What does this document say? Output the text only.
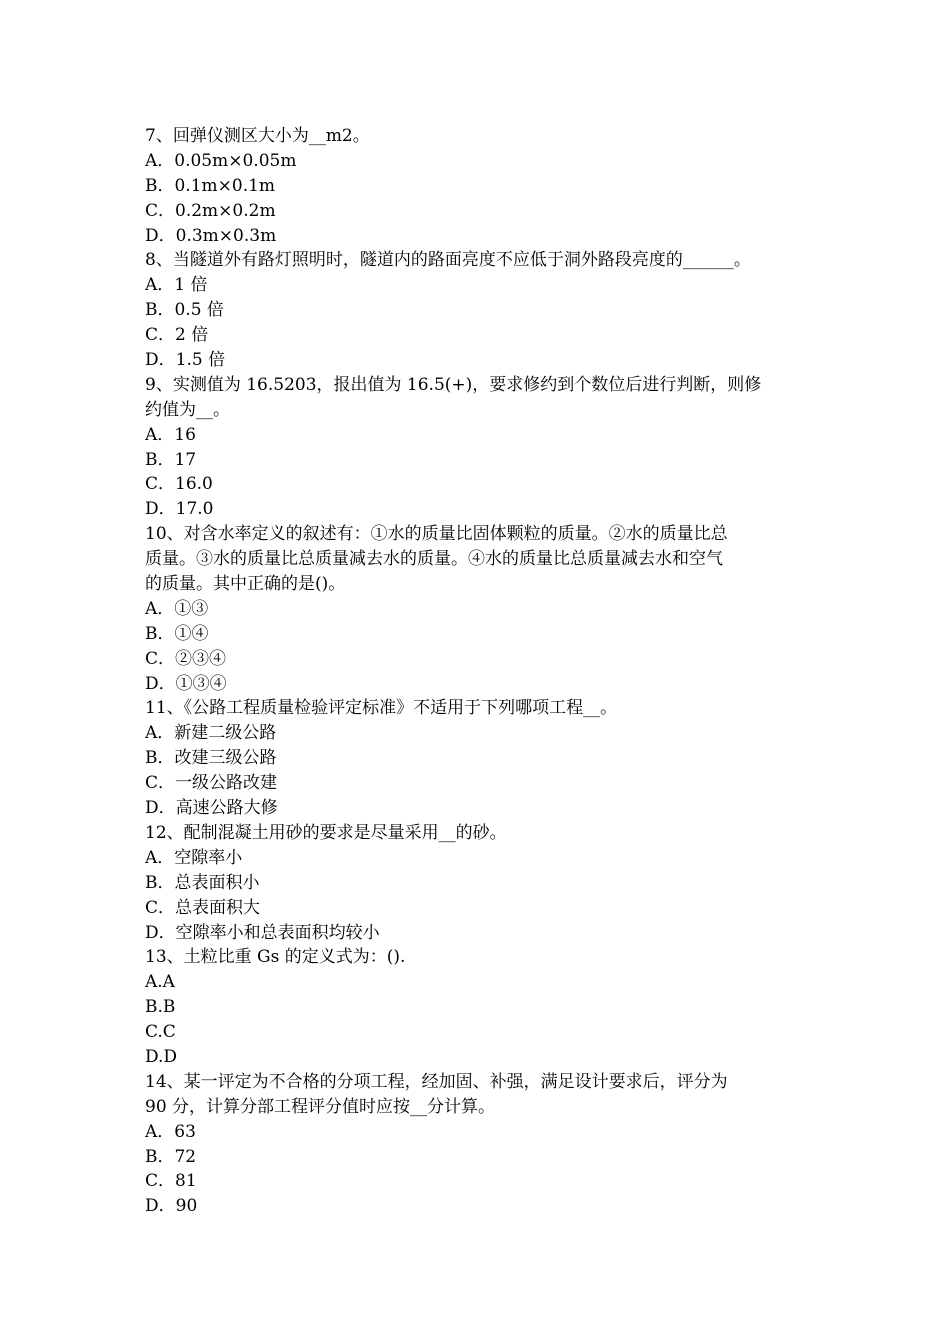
7、回弹仪测区大小为__m2。
A．0.05m×0.05m
B．0.1m×0.1m
C．0.2m×0.2m
D．0.3m×0.3m
8、当隧道外有路灯照明时，隧道内的路面亮度不应低于洞外路段亮度的______。
A．1 倍
B．0.5 倍
C．2 倍
D．1.5 倍
9、实测值为 16.5203，报出值为 16.5(+)，要求修约到个数位后进行判断，则修
约值为__。
A．16
B．17
C．16.0
D．17.0
10、对含水率定义的叙述有：①水的质量比固体颗粒的质量。②水的质量比总
质量。③水的质量比总质量减去水的质量。④水的质量比总质量减去水和空气
的质量。其中正确的是()。
A．①③
B．①④
C．②③④
D．①③④
11、《公路工程质量检验评定标准》不适用于下列哪项工程__。
A．新建二级公路
B．改建三级公路
C．一级公路改建
D．高速公路大修
12、配制混凝土用砂的要求是尽量采用__的砂。
A．空隙率小
B．总表面积小
C．总表面积大
D．空隙率小和总表面积均较小
13、土粒比重 Gs 的定义式为：().
A.A
B.B
C.C
D.D
14、某一评定为不合格的分项工程，经加固、补强，满足设计要求后，评分为
90 分，计算分部工程评分值时应按__分计算。
A．63
B．72
C．81
D．90
